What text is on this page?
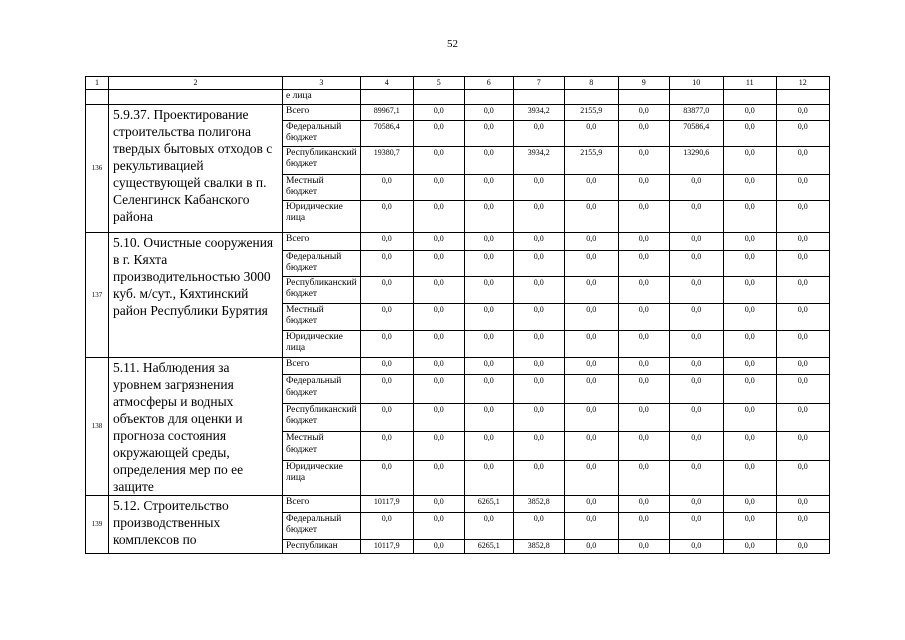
52
1	2	3	4	5	6	7	8	9	10	11	12
		е лица									
136	5.9.37. Проектирование строительства полигона твердых бытовых отходов с рекультивацией существующей свалки в п. Селенгинск Кабанского района	Всего	89967,1	0,0	0,0	3934,2	2155,9	0,0	83877,0	0,0	0,0
		Федеральный бюджет	70586,4	0,0	0,0	0,0	0,0	0,0	70586,4	0,0	0,0
		Республиканский бюджет	19380,7	0,0	0,0	3934,2	2155,9	0,0	13290,6	0,0	0,0
		Местный бюджет	0,0	0,0	0,0	0,0	0,0	0,0	0,0	0,0	0,0
		Юридические лица	0,0	0,0	0,0	0,0	0,0	0,0	0,0	0,0	0,0
137	5.10. Очистные сооружения в г. Кяхта производительностью 3000 куб. м/сут., Кяхтинский район Республики Бурятия	Всего	0,0	0,0	0,0	0,0	0,0	0,0	0,0	0,0	0,0
		Федеральный бюджет	0,0	0,0	0,0	0,0	0,0	0,0	0,0	0,0	0,0
		Республиканский бюджет	0,0	0,0	0,0	0,0	0,0	0,0	0,0	0,0	0,0
		Местный бюджет	0,0	0,0	0,0	0,0	0,0	0,0	0,0	0,0	0,0
		Юридические лица	0,0	0,0	0,0	0,0	0,0	0,0	0,0	0,0	0,0
138	5.11. Наблюдения за уровнем загрязнения атмосферы и водных объектов для оценки и прогноза состояния окружающей среды, определения мер по ее защите	Всего	0,0	0,0	0,0	0,0	0,0	0,0	0,0	0,0	0,0
		Федеральный бюджет	0,0	0,0	0,0	0,0	0,0	0,0	0,0	0,0	0,0
		Республиканский бюджет	0,0	0,0	0,0	0,0	0,0	0,0	0,0	0,0	0,0
		Местный бюджет	0,0	0,0	0,0	0,0	0,0	0,0	0,0	0,0	0,0
		Юридические лица	0,0	0,0	0,0	0,0	0,0	0,0	0,0	0,0	0,0
139	5.12. Строительство производственных комплексов по	Всего	10117,9	0,0	6265,1	3852,8	0,0	0,0	0,0	0,0	0,0
		Федеральный бюджет	0,0	0,0	0,0	0,0	0,0	0,0	0,0	0,0	0,0
		Республикан	10117,9	0,0	6265,1	3852,8	0,0	0,0	0,0	0,0	0,0
